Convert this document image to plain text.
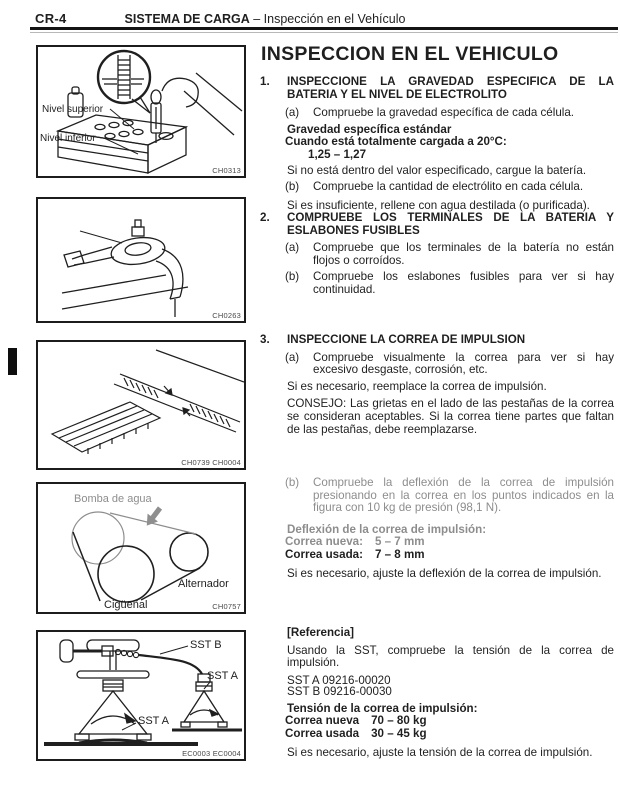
CR-4	SISTEMA DE CARGA – Inspección en el Vehículo
Nivel superior
Nivel inferior
CH0313
CH0263
CH0739 CH0004
Bomba de agua
Alternador
Cigüeñal	CH0757
SST B
SST A
SST A
EC0003 EC0004
INSPECCION EN EL VEHICULO
1.	INSPECCIONE LA GRAVEDAD ESPECIFICA DE LA BATERIA Y EL NIVEL DE ELECTROLITO
(a)	Compruebe la gravedad específica de cada célula.
Gravedad específica estándar
Cuando está totalmente cargada a 20°C:
1,25 – 1,27
Si no está dentro del valor especificado, cargue la batería.
(b)	Compruebe la cantidad de electrólito en cada célula.
Si es insuficiente, rellene con agua destilada (o purificada).
2.	COMPRUEBE LOS TERMINALES DE LA BATERIA Y ESLABONES FUSIBLES
(a)	Compruebe que los terminales de la batería no están flojos o corroídos.
(b)	Compruebe los eslabones fusibles para ver si hay continuidad.
3.	INSPECCIONE LA CORREA DE IMPULSION
(a)	Compruebe visualmente la correa para ver si hay excesivo desgaste, corrosión, etc.
Si es necesario, reemplace la correa de impulsión.
CONSEJO: Las grietas en el lado de las pestañas de la correa se consideran aceptables. Si la correa tiene partes que faltan de las pestañas, debe reemplazarse.
(b)	Compruebe la deflexión de la correa de impulsión presionando en la correa en los puntos indicados en la figura con 10 kg de presión (98,1 N).
Deflexión de la correa de impulsión:
Correa nueva: 5 – 7 mm
Correa usada: 7 – 8 mm
Si es necesario, ajuste la deflexión de la correa de impulsión.
[Referencia]
Usando la SST, compruebe la tensión de la correa de impulsión.
SST A 09216-00020
SST B 09216-00030
Tensión de la correa de impulsión:
Correa nueva 70 – 80 kg
Correa usada 30 – 45 kg
Si es necesario, ajuste la tensión de la correa de impulsión.
